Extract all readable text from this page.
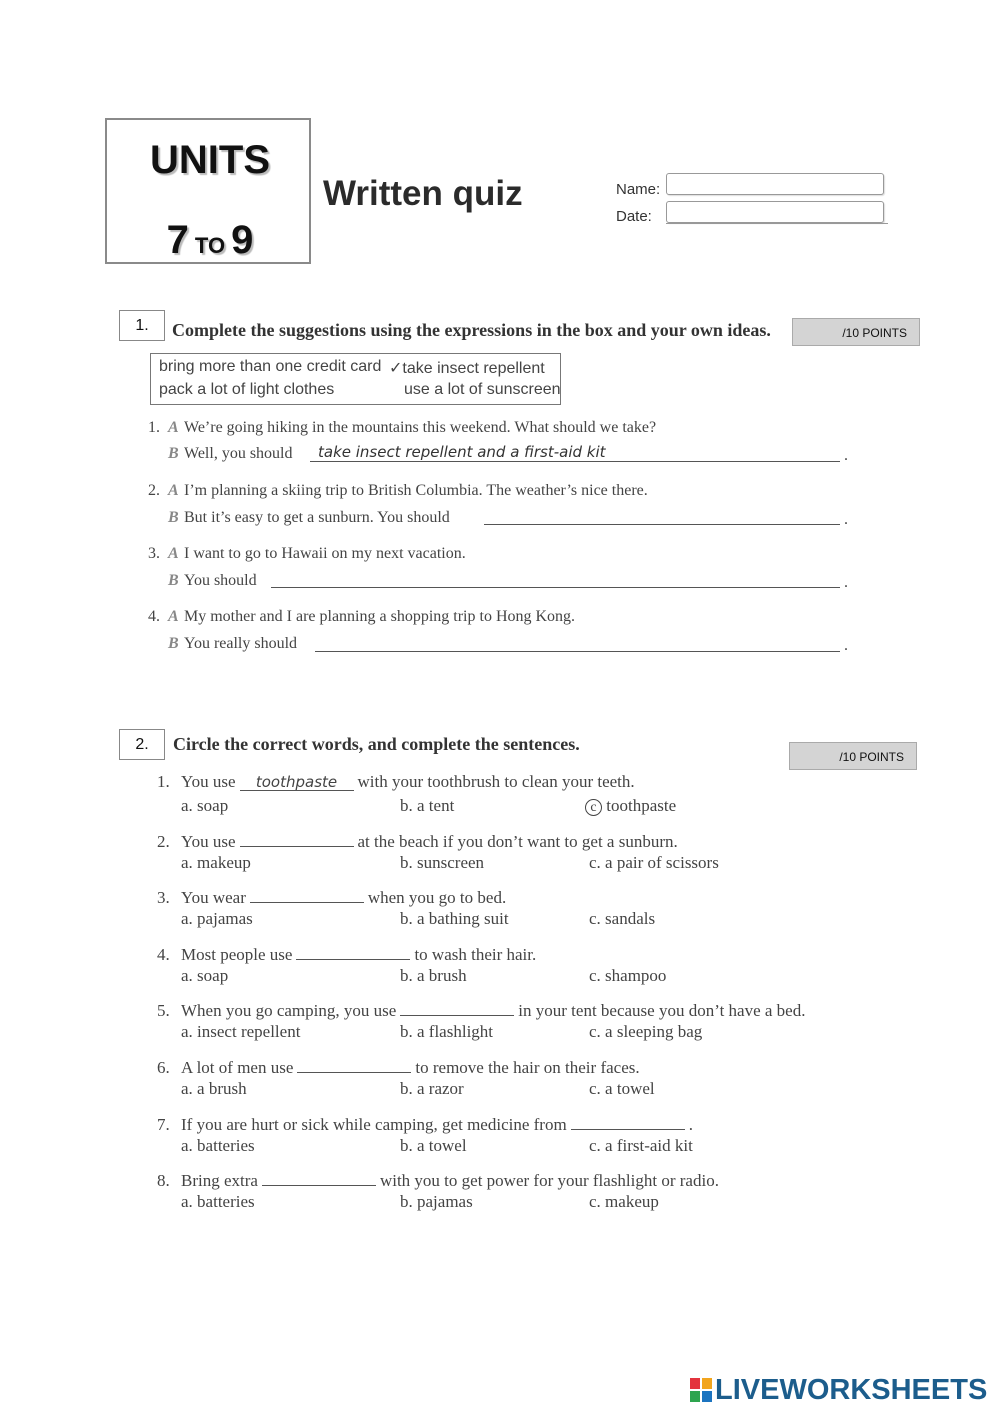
UNITS
7 TO 9
Written quiz	Name:
Date:
1.	Complete the suggestions using the expressions in the box and your own ideas.	/10 POINTS
bring more than one credit card ✓take insect repellent
pack a lot of light clothes	use a lot of sunscreen
1. A We’re going hiking in the mountains this weekend. What should we take?
B Well, you should take insect repellent and a first-aid kit	.
2. A I’m planning a skiing trip to British Columbia. The weather’s nice there.
B But it’s easy to get a sunburn. You should	.
3. A I want to go to Hawaii on my next vacation.
B You should	.
4. A My mother and I are planning a shopping trip to Hong Kong.
B You really should	.
2.	Circle the correct words, and complete the sentences.
/10 POINTS
1. You use toothpaste with your toothbrush to clean your teeth.
a. soap	b. a tent	c toothpaste
2. You use	at the beach if you don’t want to get a sunburn.
a. makeup	b. sunscreen	c. a pair of scissors
3. You wear	when you go to bed.
a. pajamas	b. a bathing suit	c. sandals
4. Most people use	to wash their hair.
a. soap	b. a brush	c. shampoo
5. When you go camping, you use	in your tent because you don’t have a bed.
a. insect repellent	b. a flashlight	c. a sleeping bag
6. A lot of men use	to remove the hair on their faces.
a. a brush	b. a razor	c. a towel
7. If you are hurt or sick while camping, get medicine from	.
a. batteries	b. a towel	c. a first-aid kit
8. Bring extra	with you to get power for your flashlight or radio.
a. batteries	b. pajamas	c. makeup
LIVEWORKSHEETS
